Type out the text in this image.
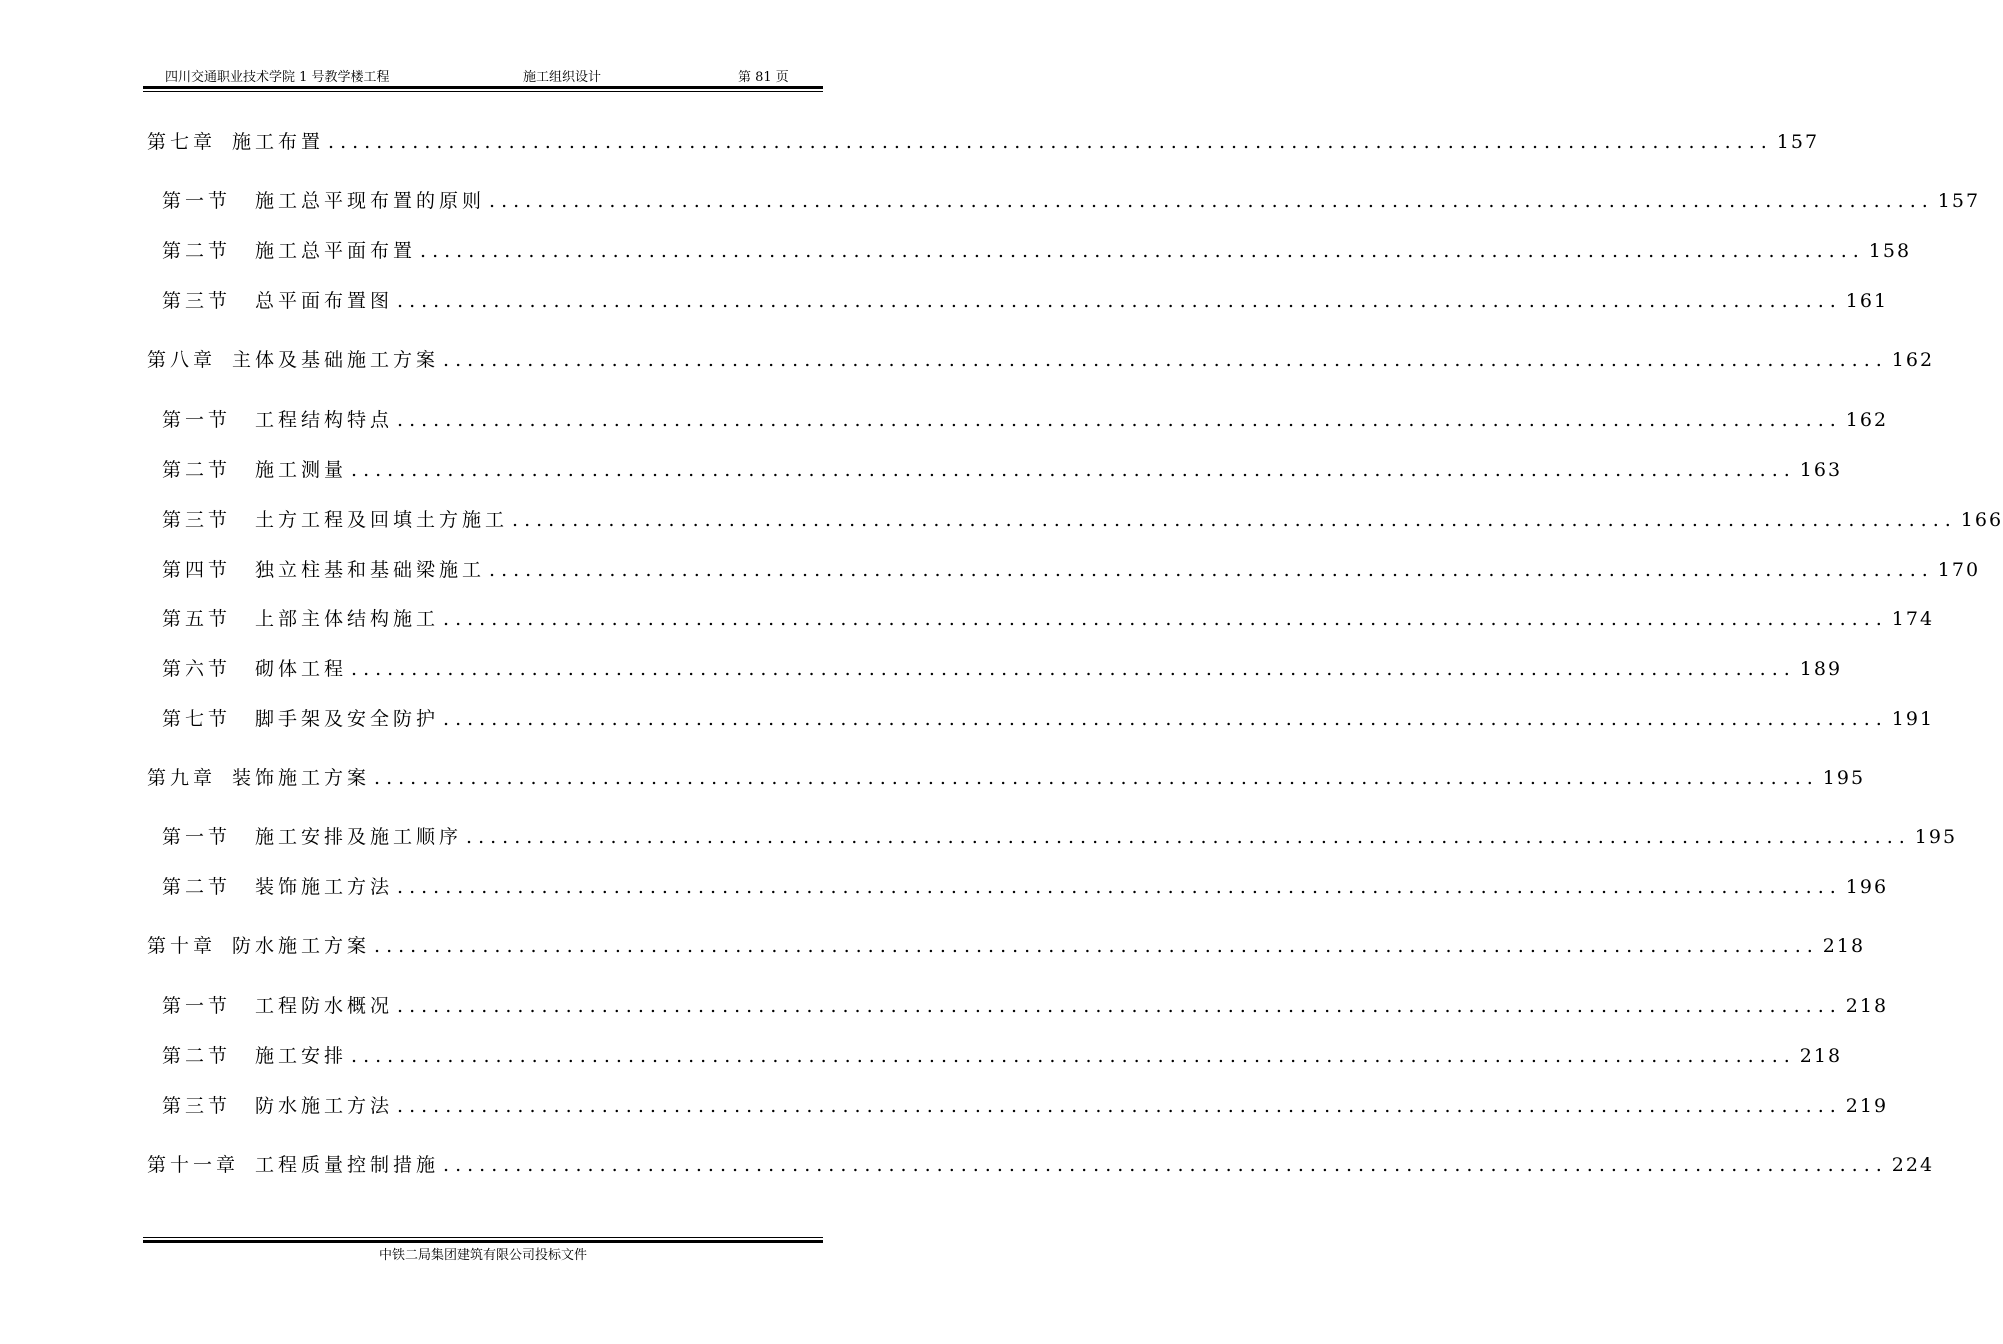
四川交通职业技术学院 1 号教学楼工程	施工组织设计	第 81 页
第七章 施工布置 ........................................................................................................................ 157
第一节 施工总平现布置的原则 ........................................................................................................................ 157
第二节 施工总平面布置 ........................................................................................................................ 158
第三节 总平面布置图 ........................................................................................................................ 161
第八章 主体及基础施工方案 ........................................................................................................................ 162
第一节 工程结构特点 ........................................................................................................................ 162
第二节 施工测量 ........................................................................................................................ 163
第三节 土方工程及回填土方施工 ........................................................................................................................ 166
第四节 独立柱基和基础梁施工 ........................................................................................................................ 170
第五节 上部主体结构施工 ........................................................................................................................ 174
第六节 砌体工程 ........................................................................................................................ 189
第七节 脚手架及安全防护 ........................................................................................................................ 191
第九章 装饰施工方案 ........................................................................................................................ 195
第一节 施工安排及施工顺序 ........................................................................................................................ 195
第二节 装饰施工方法 ........................................................................................................................ 196
第十章 防水施工方案 ........................................................................................................................ 218
第一节 工程防水概况 ........................................................................................................................ 218
第二节 施工安排 ........................................................................................................................ 218
第三节 防水施工方法 ........................................................................................................................ 219
第十一章 工程质量控制措施 ........................................................................................................................ 224
中铁二局集团建筑有限公司投标文件
